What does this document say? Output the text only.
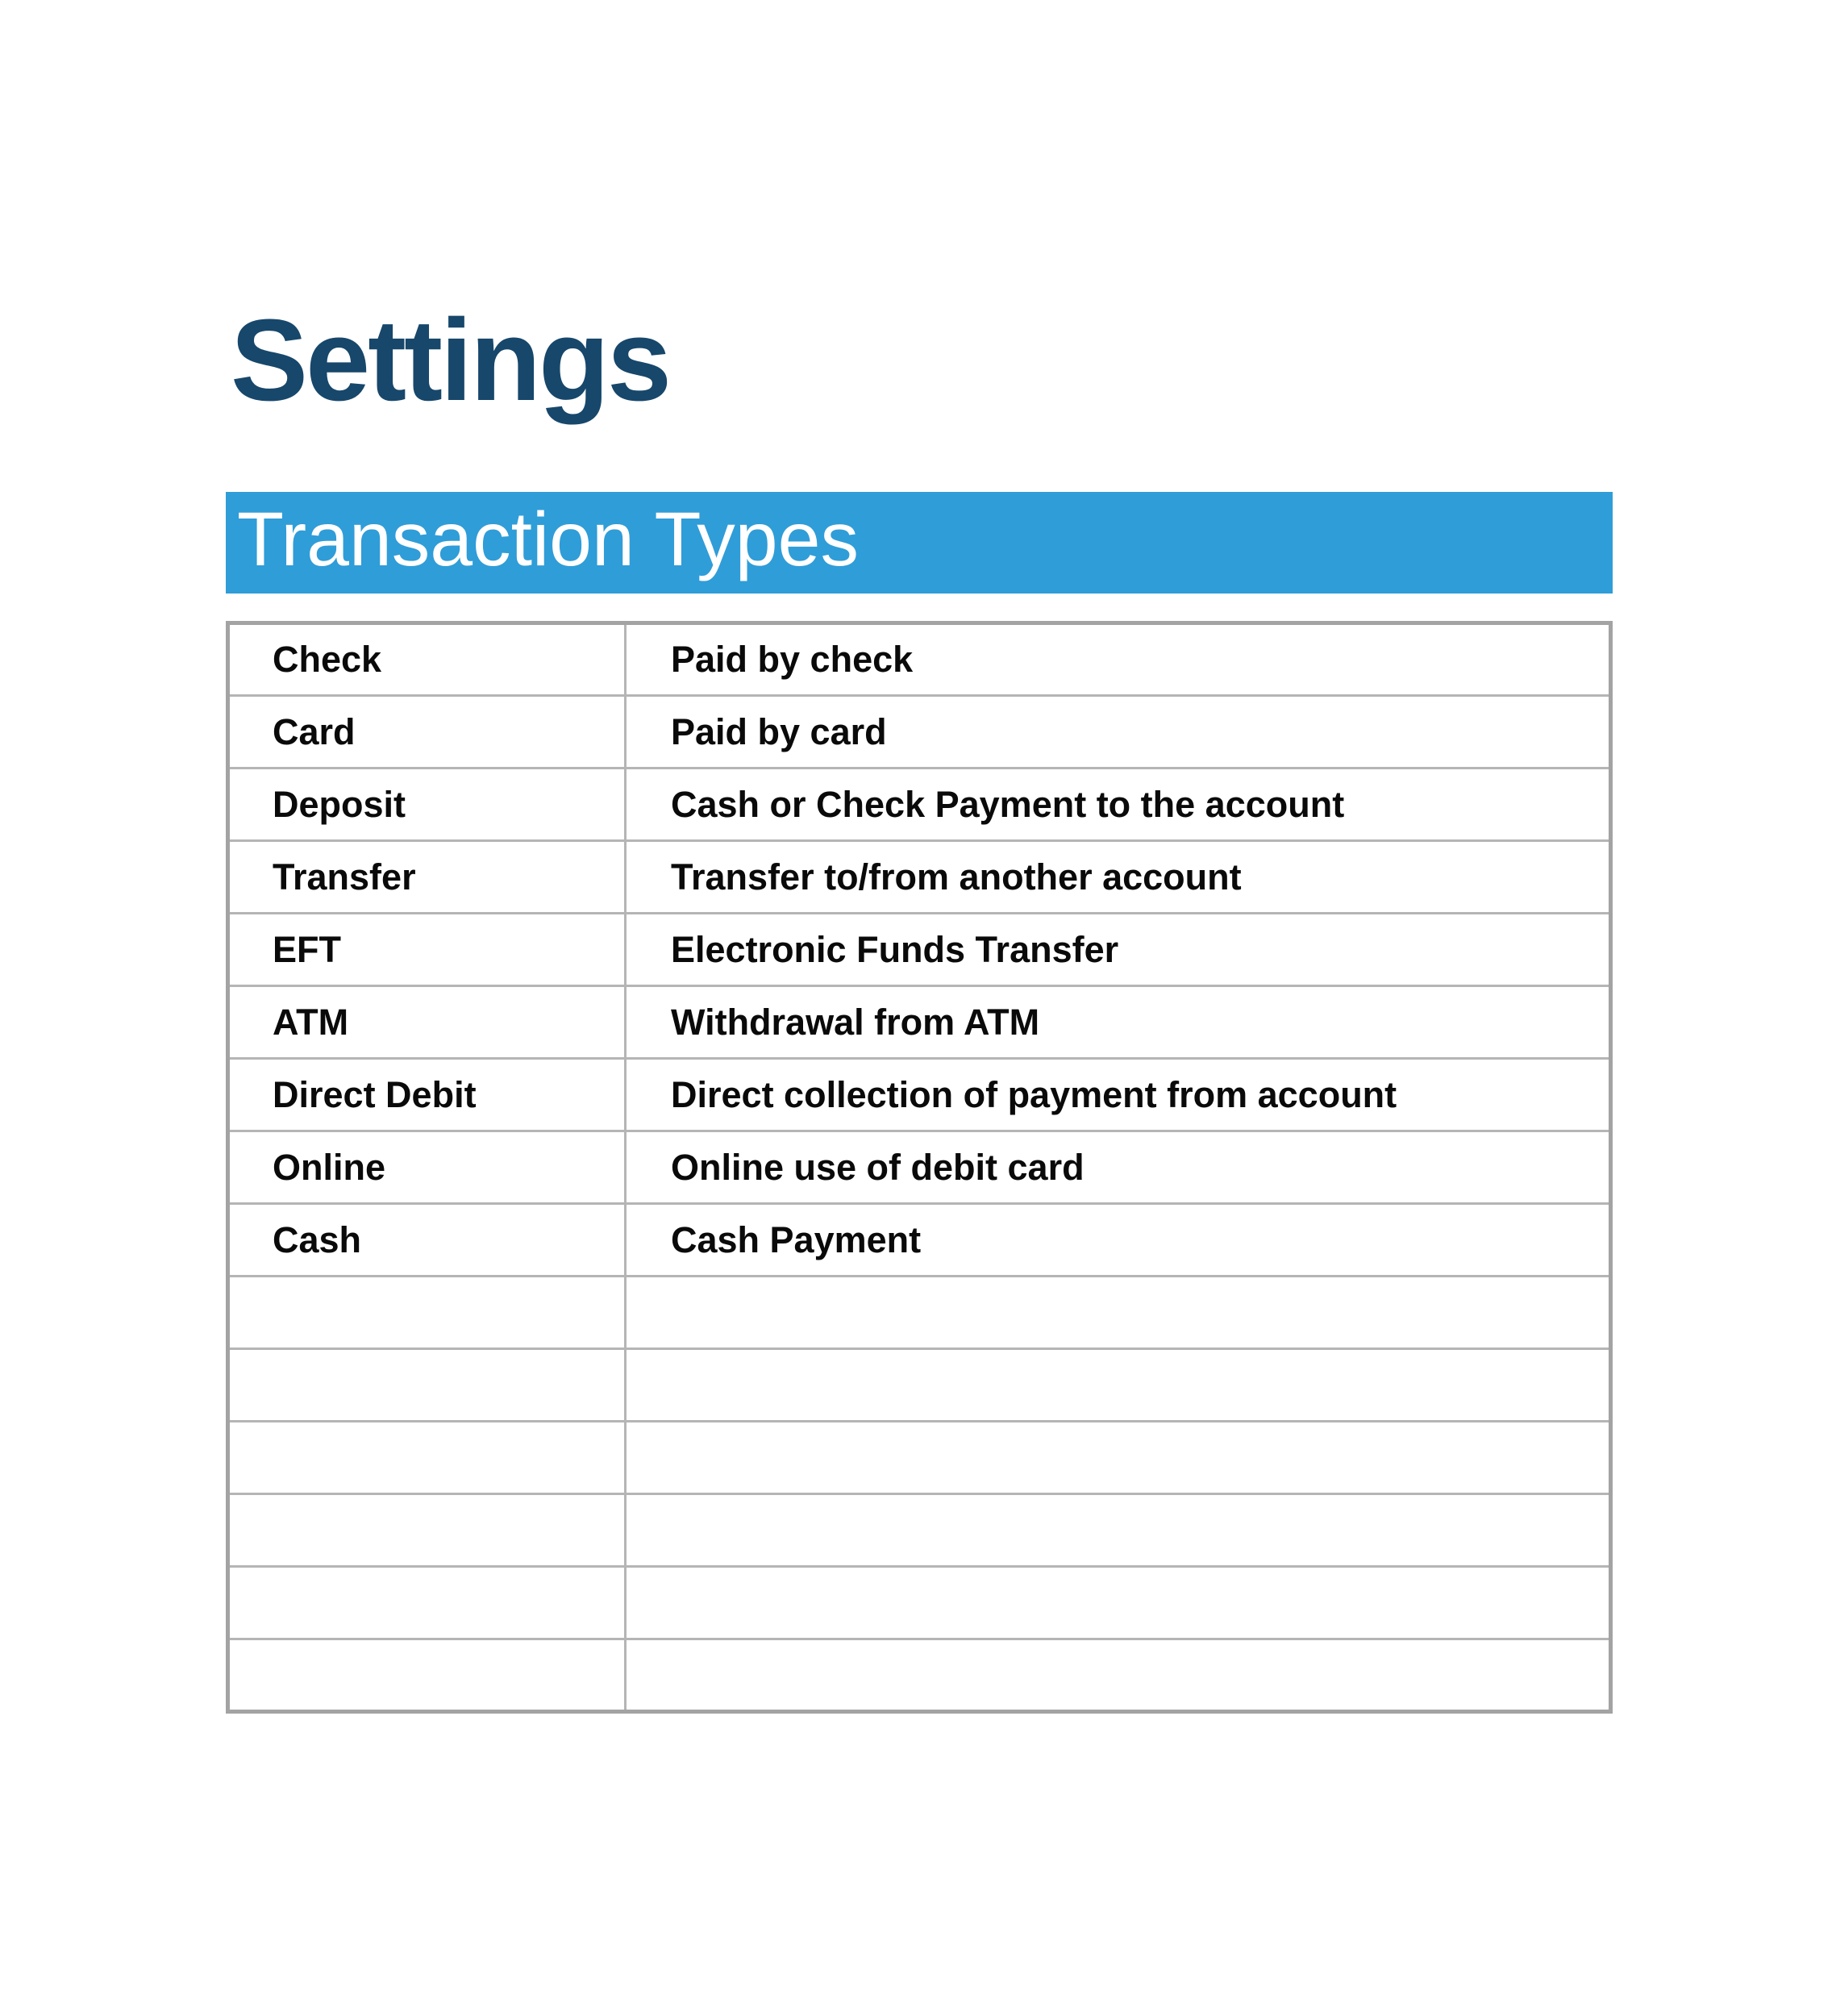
Settings
Transaction Types
Check	Paid by check
Card	Paid by card
Deposit	Cash or Check Payment to the account
Transfer	Transfer to/from another account
EFT	Electronic Funds Transfer
ATM	Withdrawal from ATM
Direct Debit	Direct collection of payment from account
Online	Online use of debit card
Cash	Cash Payment
